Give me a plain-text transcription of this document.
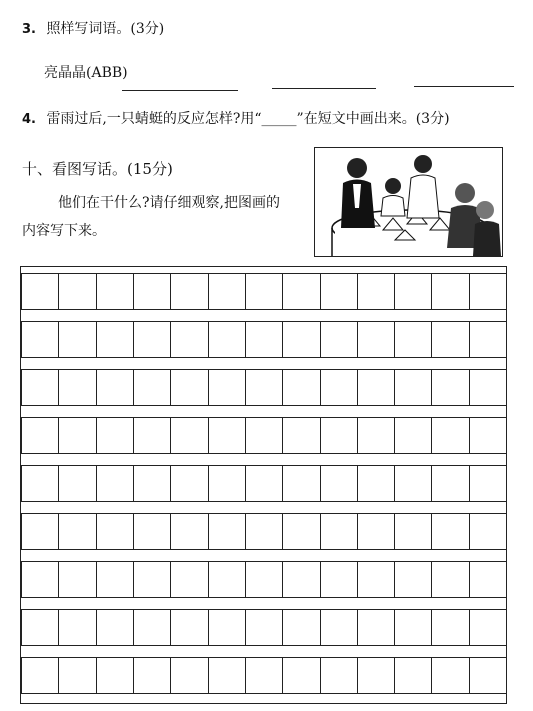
3. 照样写词语。(3分)
亮晶晶(ABB)
4. 雷雨过后,一只蜻蜓的反应怎样?用“_____”在短文中画出来。(3分)
十、看图写话。(15分)
他们在干什么?请仔细观察,把图画的
内容写下来。
